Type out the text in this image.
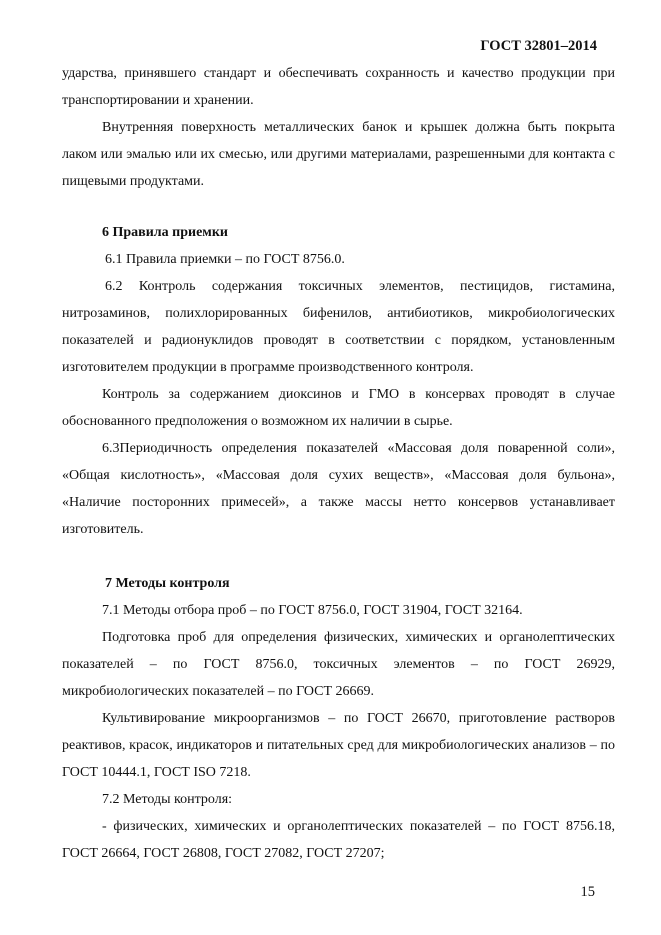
ГОСТ 32801–2014

ударства, принявшего стандарт и обеспечивать сохранность и качество продукции при транспортировании и хранении.

Внутренняя поверхность металлических банок и крышек должна быть покрыта лаком или эмалью или их смесью, или другими материалами, разрешенными для контакта с пищевыми продуктами.

6 Правила приемки

6.1 Правила приемки – по ГОСТ 8756.0.

6.2 Контроль содержания токсичных элементов, пестицидов, гистамина, нитрозаминов, полихлорированных бифенилов, антибиотиков, микробиологических показателей и радионуклидов проводят в соответствии с порядком, установленным изготовителем продукции в программе производственного контроля.

Контроль за содержанием диоксинов и ГМО в консервах проводят в случае обоснованного предположения о возможном их наличии в сырье.

6.3Периодичность определения показателей «Массовая доля поваренной соли», «Общая кислотность», «Массовая доля сухих веществ», «Массовая доля бульона», «Наличие посторонних примесей», а также массы нетто консервов устанавливает изготовитель.

7 Методы контроля

7.1 Методы отбора проб – по ГОСТ 8756.0, ГОСТ 31904, ГОСТ 32164.

Подготовка проб для определения физических, химических и органолептических показателей – по ГОСТ 8756.0, токсичных элементов – по ГОСТ 26929, микробиологических показателей – по ГОСТ 26669.

Культивирование микроорганизмов – по ГОСТ 26670, приготовление растворов реактивов, красок, индикаторов и питательных сред для микробиологических анализов – по ГОСТ 10444.1, ГОСТ ISO 7218.

7.2 Методы контроля:

- физических, химических и органолептических показателей – по ГОСТ 8756.18, ГОСТ 26664, ГОСТ 26808, ГОСТ 27082, ГОСТ 27207;

15
